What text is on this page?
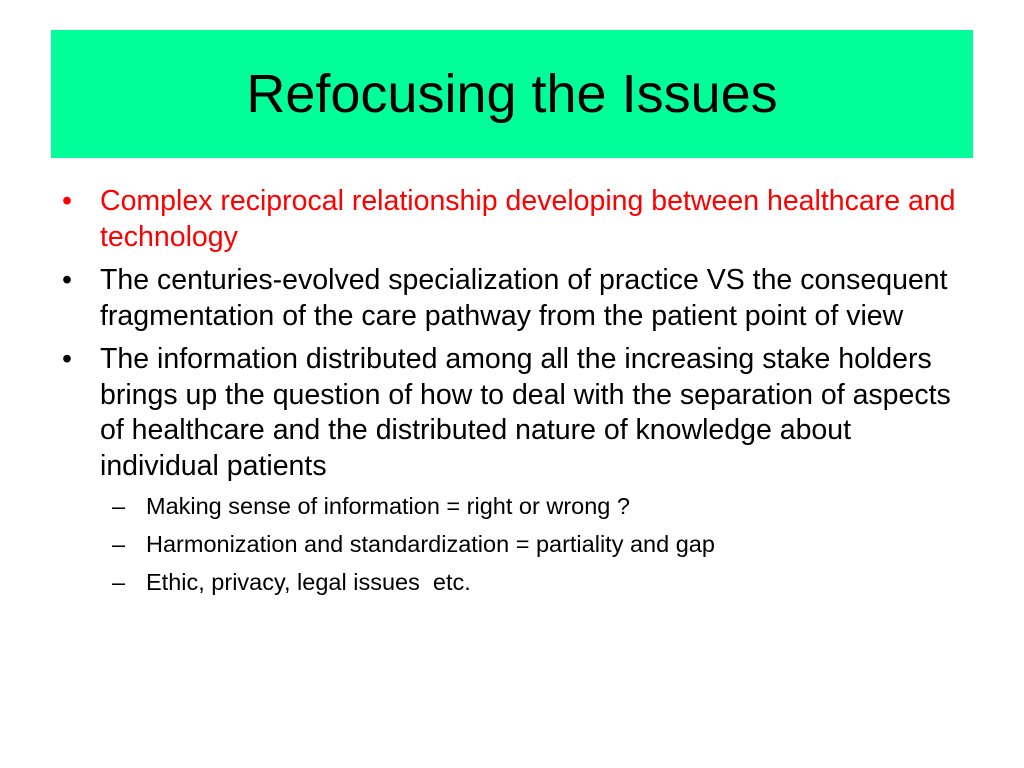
Refocusing the Issues
• Complex reciprocal relationship developing between healthcare and technology
• The centuries-evolved specialization of practice VS the consequent fragmentation of the care pathway from the patient point of view
• The information distributed among all the increasing stake holders brings up the question of how to deal with the separation of aspects of healthcare and the distributed nature of knowledge about individual patients
– Making sense of information = right or wrong ?
– Harmonization and standardization = partiality and gap
– Ethic, privacy, legal issues  etc.
